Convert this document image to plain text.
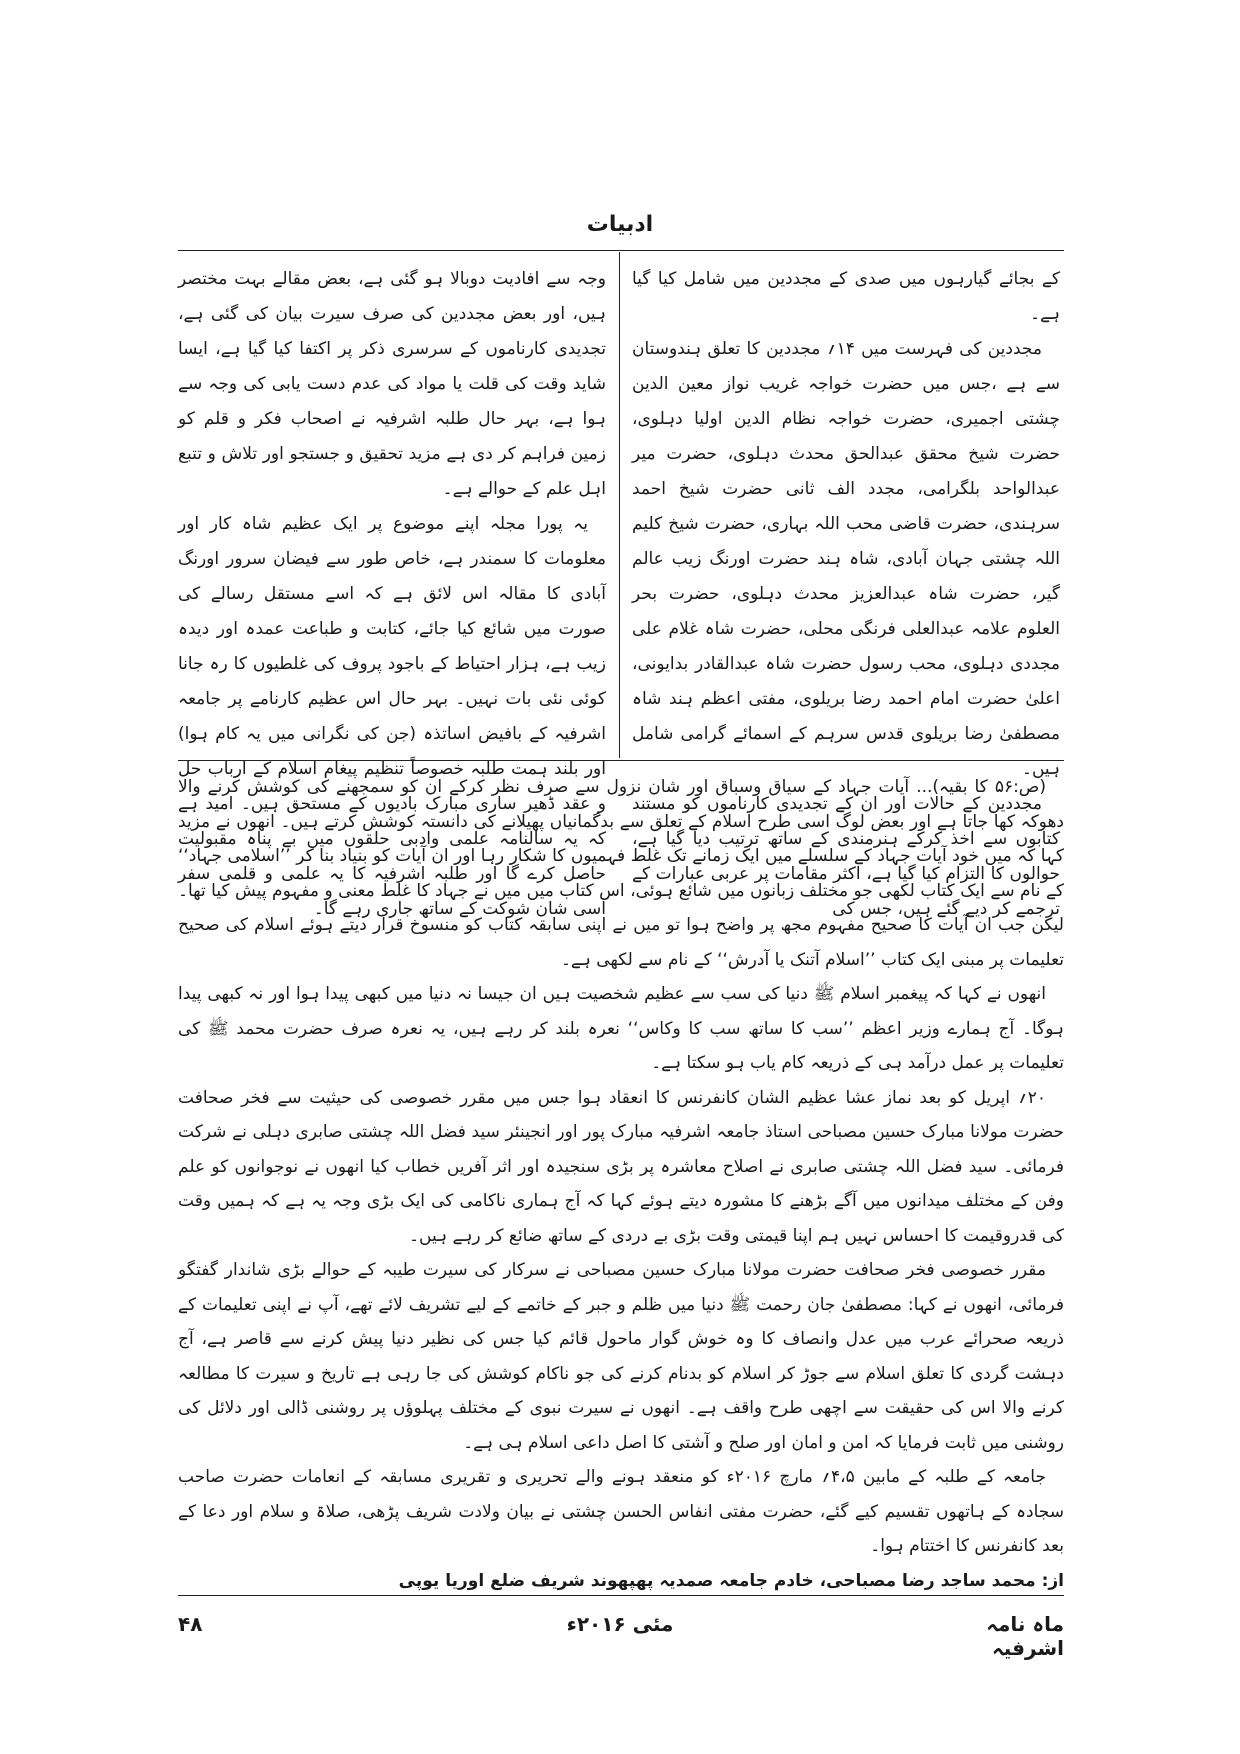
ادبیات

کے بجائے گیارہوں میں صدی کے مجددین میں شامل کیا گیا ہے۔

مجددین کی فہرست میں ۱۴؍ مجددین کا تعلق ہندوستان سے ہے ،جس میں حضرت خواجہ غریب نواز معین الدین چشتی اجمیری، حضرت خواجہ نظام الدین اولیا دہلوی، حضرت شیخ محقق عبدالحق محدث دہلوی، حضرت میر عبدالواحد بلگرامی، مجدد الف ثانی حضرت شیخ احمد سرہندی، حضرت قاضی محب اللہ بہاری، حضرت شیخ کلیم اللہ چشتی جہان آبادی، شاہ ہند حضرت اورنگ زیب عالم گیر، حضرت شاہ عبدالعزیز محدث دہلوی، حضرت بحر العلوم علامہ عبدالعلی فرنگی محلی، حضرت شاہ غلام علی مجددی دہلوی، محب رسول حضرت شاہ عبدالقادر بدایونی، اعلیٰ حضرت امام احمد رضا بریلوی، مفتی اعظم ہند شاہ مصطفیٰ رضا بریلوی قدس سرہم کے اسمائے گرامی شامل ہیں۔

مجددین کے حالات اور ان کے تجدیدی کارناموں کو مستند کتابوں سے اخذ کرکے ہنرمندی کے ساتھ ترتیب دیا گیا ہے، حوالوں کا التزام کیا گیا ہے، اکثر مقامات پر عربی عبارات کے ترجمے کر دیے گئے ہیں، جس کی

وجہ سے افادیت دوبالا ہو گئی ہے، بعض مقالے بہت مختصر ہیں، اور بعض مجددین کی صرف سیرت بیان کی گئی ہے، تجدیدی کارناموں کے سرسری ذکر پر اکتفا کیا گیا ہے، ایسا شاید وقت کی قلت یا مواد کی عدم دست یابی کی وجہ سے ہوا ہے، بہر حال طلبہ اشرفیہ نے اصحاب فکر و قلم کو زمین فراہم کر دی ہے مزید تحقیق و جستجو اور تلاش و تتبع اہل علم کے حوالے ہے۔

یہ پورا مجلہ اپنے موضوع پر ایک عظیم شاہ کار اور معلومات کا سمندر ہے، خاص طور سے فیضان سرور اورنگ آبادی کا مقالہ اس لائق ہے کہ اسے مستقل رسالے کی صورت میں شائع کیا جائے، کتابت و طباعت عمدہ اور دیدہ زیب ہے، ہزار احتیاط کے باجود پروف کی غلطیوں کا رہ جانا کوئی نئی بات نہیں۔ بہر حال اس عظیم کارنامے پر جامعہ اشرفیہ کے بافیض اساتذہ (جن کی نگرانی میں یہ کام ہوا) اور بلند ہمت طلبہ خصوصاً تنظیم پیغام اسلام کے ارباب حل و عقد ڈھیر ساری مبارک بادیوں کے مستحق ہیں۔ امید ہے کہ یہ سالنامہ علمی وادبی حلقوں میں بے پناہ مقبولیت حاصل کرے گا اور طلبہ اشرفیہ کا یہ علمی و قلمی سفر اسی شان شوکت کے ساتھ جاری رہے گا۔

(ص:۵۶ کا بقیہ)... آیات جہاد کے سیاق وسباق اور شان نزول سے صرف نظر کرکے ان کو سمجھنے کی کوشش کرنے والا دھوکہ کھا جاتا ہے اور بعض لوگ اسی طرح اسلام کے تعلق سے بدگمانیاں پھیلانے کی دانستہ کوشش کرتے ہیں۔ انھوں نے مزید کہا کہ میں خود آیات جہاد کے سلسلے میں ایک زمانے تک غلط فہمیوں کا شکار رہا اور ان آیات کو بنیاد بنا کر ’’اسلامی جہاد‘‘ کے نام سے ایک کتاب لکھی جو مختلف زبانوں میں شائع ہوئی، اس کتاب میں میں نے جہاد کا غلط معنی و مفہوم پیش کیا تھا۔ لیکن جب ان آیات کا صحیح مفہوم مجھ پر واضح ہوا تو میں نے اپنی سابقہ کتاب کو منسوخ قرار دیتے ہوئے اسلام کی صحیح تعلیمات پر مبنی ایک کتاب ’’اسلام آتنک یا آدرش‘‘ کے نام سے لکھی ہے۔

انھوں نے کہا کہ پیغمبر اسلام ﷺ دنیا کی سب سے عظیم شخصیت ہیں ان جیسا نہ دنیا میں کبھی پیدا ہوا اور نہ کبھی پیدا ہوگا۔ آج ہمارے وزیر اعظم ’’سب کا ساتھ سب کا وکاس‘‘ نعرہ بلند کر رہے ہیں، یہ نعرہ صرف حضرت محمد ﷺ کی تعلیمات پر عمل درآمد ہی کے ذریعہ کام یاب ہو سکتا ہے۔

۲۰؍ اپریل کو بعد نماز عشا عظیم الشان کانفرنس کا انعقاد ہوا جس میں مقرر خصوصی کی حیثیت سے فخر صحافت حضرت مولانا مبارک حسین مصباحی استاذ جامعہ اشرفیہ مبارک پور اور انجینئر سید فضل اللہ چشتی صابری دہلی نے شرکت فرمائی۔ سید فضل اللہ چشتی صابری نے اصلاح معاشرہ پر بڑی سنجیدہ اور اثر آفریں خطاب کیا انھوں نے نوجوانوں کو علم وفن کے مختلف میدانوں میں آگے بڑھنے کا مشورہ دیتے ہوئے کہا کہ آج ہماری ناکامی کی ایک بڑی وجہ یہ ہے کہ ہمیں وقت کی قدروقیمت کا احساس نہیں ہم اپنا قیمتی وقت بڑی بے دردی کے ساتھ ضائع کر رہے ہیں۔

مقرر خصوصی فخر صحافت حضرت مولانا مبارک حسین مصباحی نے سرکار کی سیرت طیبہ کے حوالے بڑی شاندار گفتگو فرمائی، انھوں نے کہا: مصطفیٰ جان رحمت ﷺ دنیا میں ظلم و جبر کے خاتمے کے لیے تشریف لائے تھے، آپ نے اپنی تعلیمات کے ذریعہ صحرائے عرب میں عدل وانصاف کا وہ خوش گوار ماحول قائم کیا جس کی نظیر دنیا پیش کرنے سے قاصر ہے، آج دہشت گردی کا تعلق اسلام سے جوڑ کر اسلام کو بدنام کرنے کی جو ناکام کوشش کی جا رہی ہے تاریخ و سیرت کا مطالعہ کرنے والا اس کی حقیقت سے اچھی طرح واقف ہے۔ انھوں نے سیرت نبوی کے مختلف پہلوؤں پر روشنی ڈالی اور دلائل کی روشنی میں ثابت فرمایا کہ امن و امان اور صلح و آشتی کا اصل داعی اسلام ہی ہے۔

جامعہ کے طلبہ کے مابین ۴،۵؍ مارچ ۲۰۱۶ء کو منعقد ہونے والے تحریری و تقریری مسابقہ کے انعامات حضرت صاحب سجادہ کے ہاتھوں تقسیم کیے گئے، حضرت مفتی انفاس الحسن چشتی نے بیان ولادت شریف پڑھی، صلاۃ و سلام اور دعا کے بعد کانفرنس کا اختتام ہوا۔

از: محمد ساجد رضا مصباحی، خادم جامعہ صمدیہ پھپھوند شریف ضلع اوریا یوپی

ماہ نامہ اشرفیہ
مئی ۲۰۱۶ء
۴۸
